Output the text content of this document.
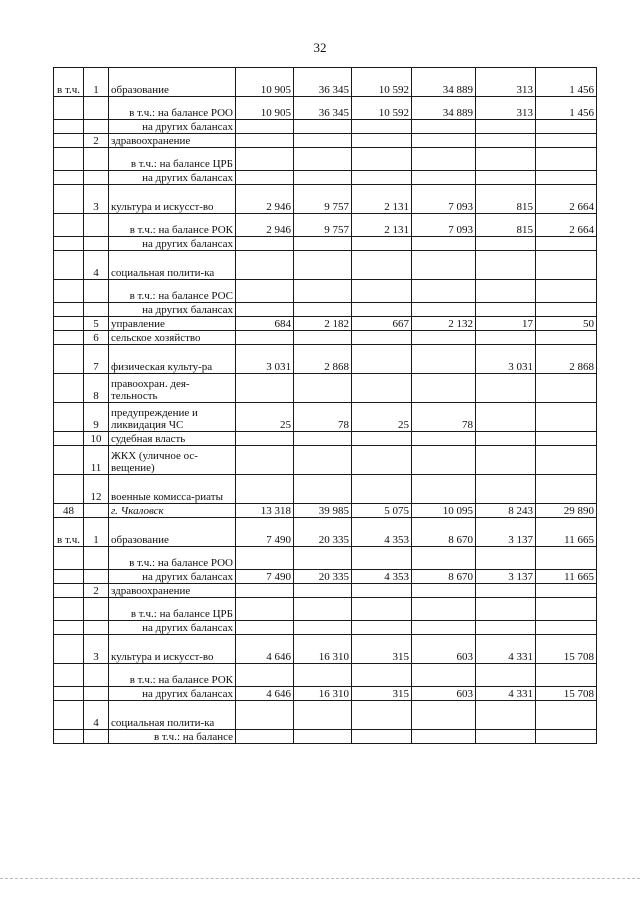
32
в т.ч.	1	образование	10 905	36 345	10 592	34 889	313	1 456
		в т.ч.: на балансе РОО	10 905	36 345	10 592	34 889	313	1 456
		на других балансах						
	2	здравоохранение						
		в т.ч.: на балансе ЦРБ						
		на других балансах						
	3	культура и искусст-во	2 946	9 757	2 131	7 093	815	2 664
		в т.ч.: на балансе РОК	2 946	9 757	2 131	7 093	815	2 664
		на других балансах						
	4	социальная полити-ка						
		в т.ч.: на балансе РОС						
		на других балансах						
	5	управление	684	2 182	667	2 132	17	50
	6	сельское хозяйство						
	7	физическая культу-ра	3 031	2 868			3 031	2 868
	8	правоохран. дея-тельность						
	9	предупреждение и ликвидация ЧС	25	78	25	78		
	10	судебная власть						
	11	ЖКХ (уличное ос-вещение)						
	12	военные комисса-риаты						
48		г. Чкаловск	13 318	39 985	5 075	10 095	8 243	29 890
в т.ч.	1	образование	7 490	20 335	4 353	8 670	3 137	11 665
		в т.ч.: на балансе РОО						
		на других балансах	7 490	20 335	4 353	8 670	3 137	11 665
	2	здравоохранение						
		в т.ч.: на балансе ЦРБ						
		на других балансах						
	3	культура и искусст-во	4 646	16 310	315	603	4 331	15 708
		в т.ч.: на балансе РОК						
		на других балансах	4 646	16 310	315	603	4 331	15 708
	4	социальная полити-ка						
		в т.ч.: на балансе						
